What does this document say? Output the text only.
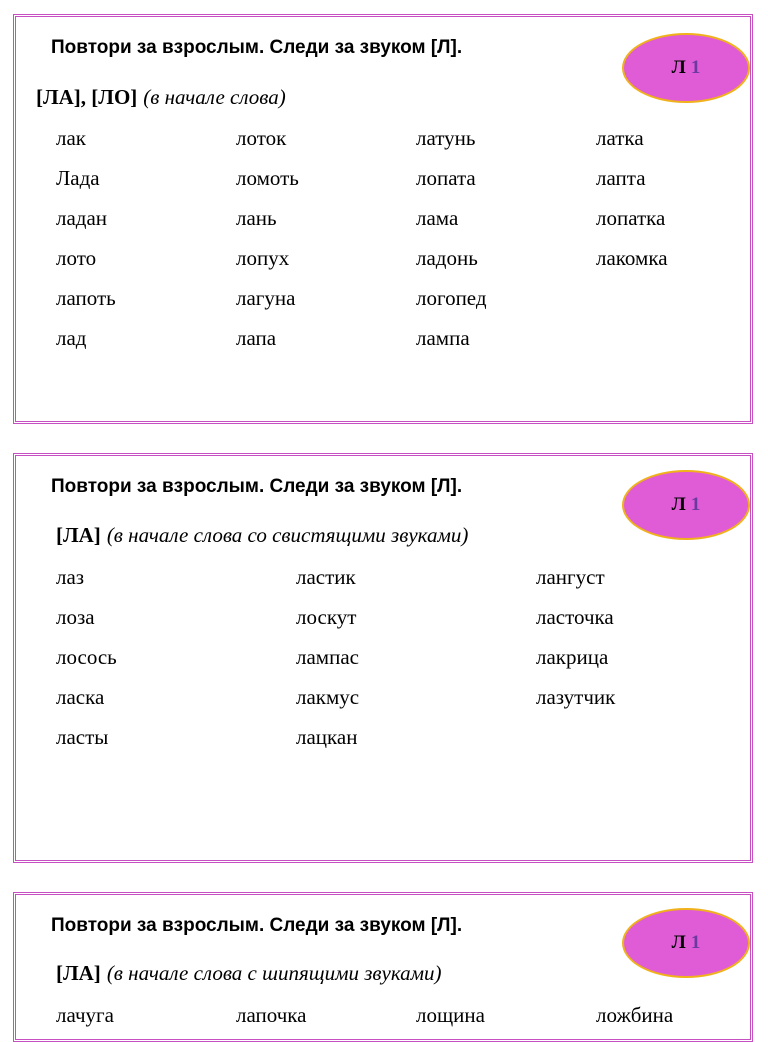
Повтори за взрослым. Следи за звуком [Л].
Л 1
[ЛА], [ЛО] (в начале слова)
лак	лоток	латунь	латка
Лада	ломоть	лопата	лапта
ладан	лань	лама	лопатка
лото	лопух	ладонь	лакомка
лапоть	лагуна	логопед
лад	лапа	лампа
Повтори за взрослым. Следи за звуком [Л].
Л 1
[ЛА] (в начале слова со свистящими звуками)
лаз	ластик	лангуст
лоза	лоскут	ласточка
лосось	лампас	лакрица
ласка	лакмус	лазутчик
ласты	лацкан
Повтори за взрослым. Следи за звуком [Л].
Л 1
[ЛА] (в начале слова с шипящими звуками)
лачуга	лапочка	лощина	ложбина
